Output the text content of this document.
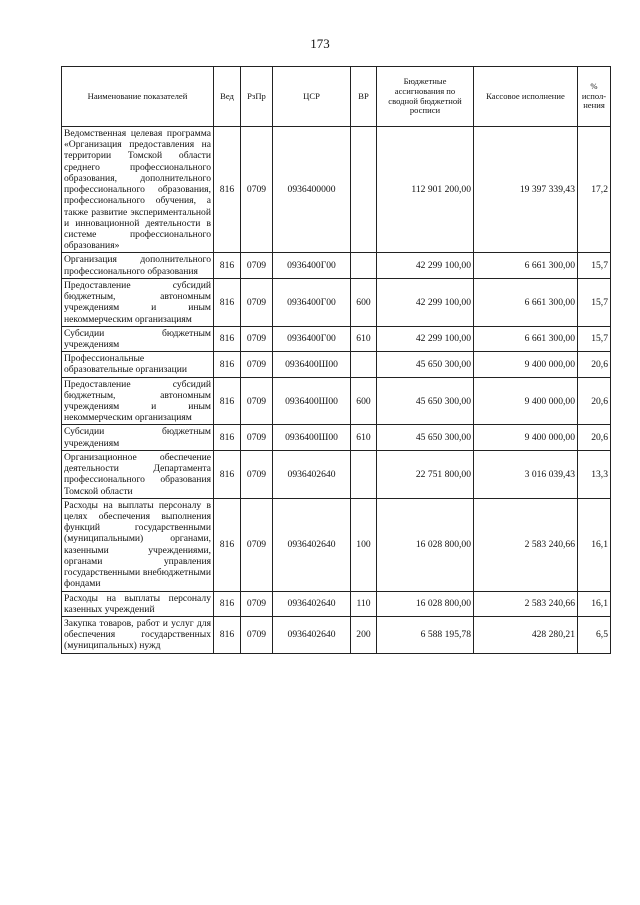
173
Наименование показателей	Вед	РзПр	ЦСР	ВР	Бюджетные ассигнования по сводной бюджетной росписи	Кассовое исполнение	% испол-нения
Ведомственная целевая программа «Организация предоставления на территории Томской области среднего профессионального образования, дополнительного профессионального образования, профессионального обучения, а также развитие экспериментальной и инновационной деятельности в системе профессионального образования»	816	0709	0936400000		112 901 200,00	19 397 339,43	17,2
Организация дополнительного профессионального образования	816	0709	0936400Г00		42 299 100,00	6 661 300,00	15,7
Предоставление субсидий бюджетным, автономным учреждениям и иным некоммерческим организациям	816	0709	0936400Г00	600	42 299 100,00	6 661 300,00	15,7
Субсидии бюджетным учреждениям	816	0709	0936400Г00	610	42 299 100,00	6 661 300,00	15,7
Профессиональные образовательные организации	816	0709	0936400Ш00		45 650 300,00	9 400 000,00	20,6
Предоставление субсидий бюджетным, автономным учреждениям и иным некоммерческим организациям	816	0709	0936400Ш00	600	45 650 300,00	9 400 000,00	20,6
Субсидии бюджетным учреждениям	816	0709	0936400Ш00	610	45 650 300,00	9 400 000,00	20,6
Организационное обеспечение деятельности Департамента профессионального образования Томской области	816	0709	0936402640		22 751 800,00	3 016 039,43	13,3
Расходы на выплаты персоналу в целях обеспечения выполнения функций государственными (муниципальными) органами, казенными учреждениями, органами управления государственными внебюджетными фондами	816	0709	0936402640	100	16 028 800,00	2 583 240,66	16,1
Расходы на выплаты персоналу казенных учреждений	816	0709	0936402640	110	16 028 800,00	2 583 240,66	16,1
Закупка товаров, работ и услуг для обеспечения государственных (муниципальных) нужд	816	0709	0936402640	200	6 588 195,78	428 280,21	6,5
